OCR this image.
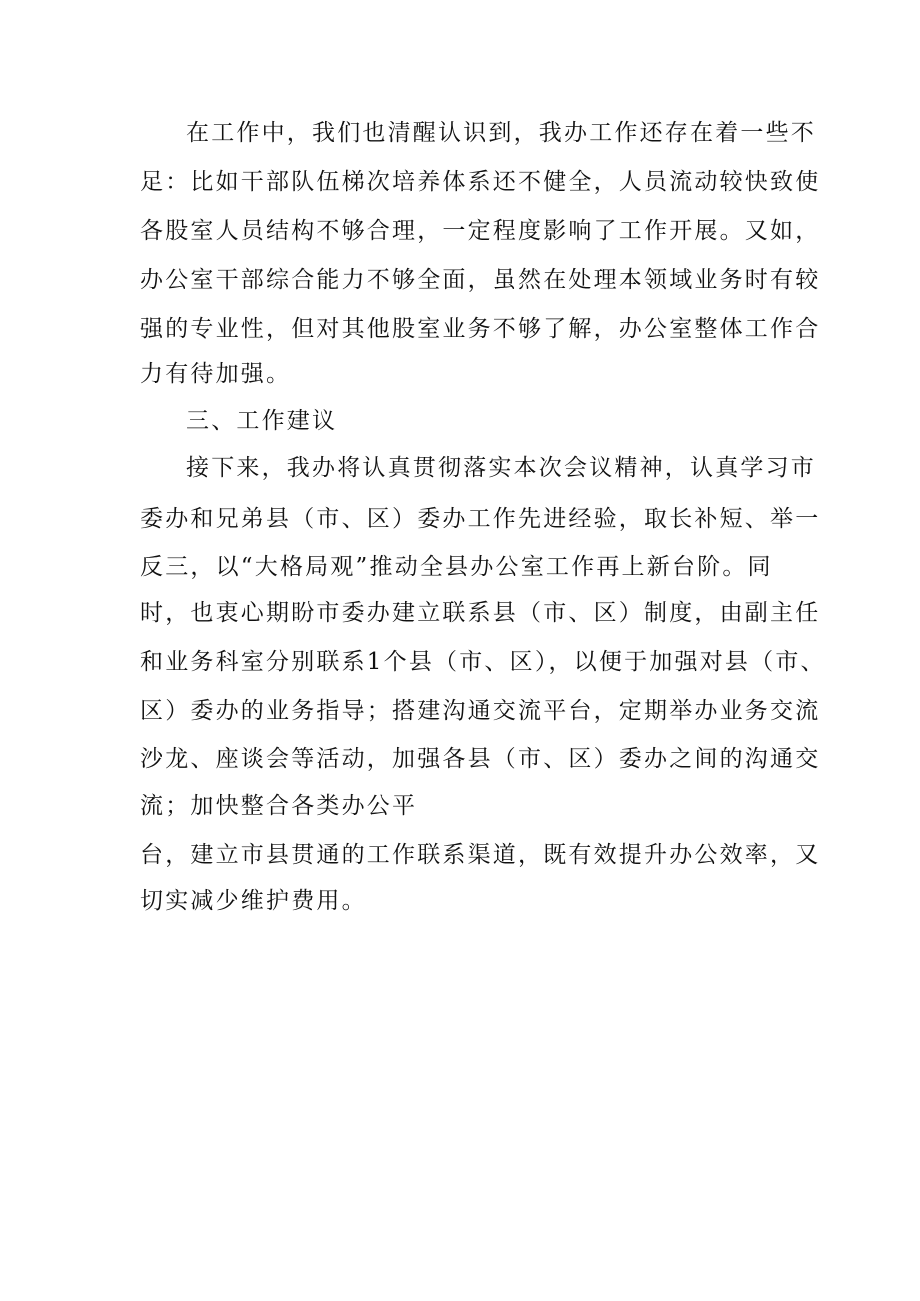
在工作中，我们也清醒认识到，我办工作还存在着一些不
足：比如干部队伍梯次培养体系还不健全，人员流动较快致使
各股室人员结构不够合理，一定程度影响了工作开展。又如，
办公室干部综合能力不够全面，虽然在处理本领域业务时有较
强的专业性，但对其他股室业务不够了解，办公室整体工作合
力有待加强。
三、工作建议
接下来，我办将认真贯彻落实本次会议精神，认真学习市
委办和兄弟县（市、区）委办工作先进经验，取长补短、举一
反三，以“大格局观”推动全县办公室工作再上新台阶。同
时，也衷心期盼市委办建立联系县（市、区）制度，由副主任
和业务科室分别联系1个县（市、区），以便于加强对县（市、
区）委办的业务指导；搭建沟通交流平台，定期举办业务交流
沙龙、座谈会等活动，加强各县（市、区）委办之间的沟通交
流；加快整合各类办公平
台，建立市县贯通的工作联系渠道，既有效提升办公效率，又
切实减少维护费用。
